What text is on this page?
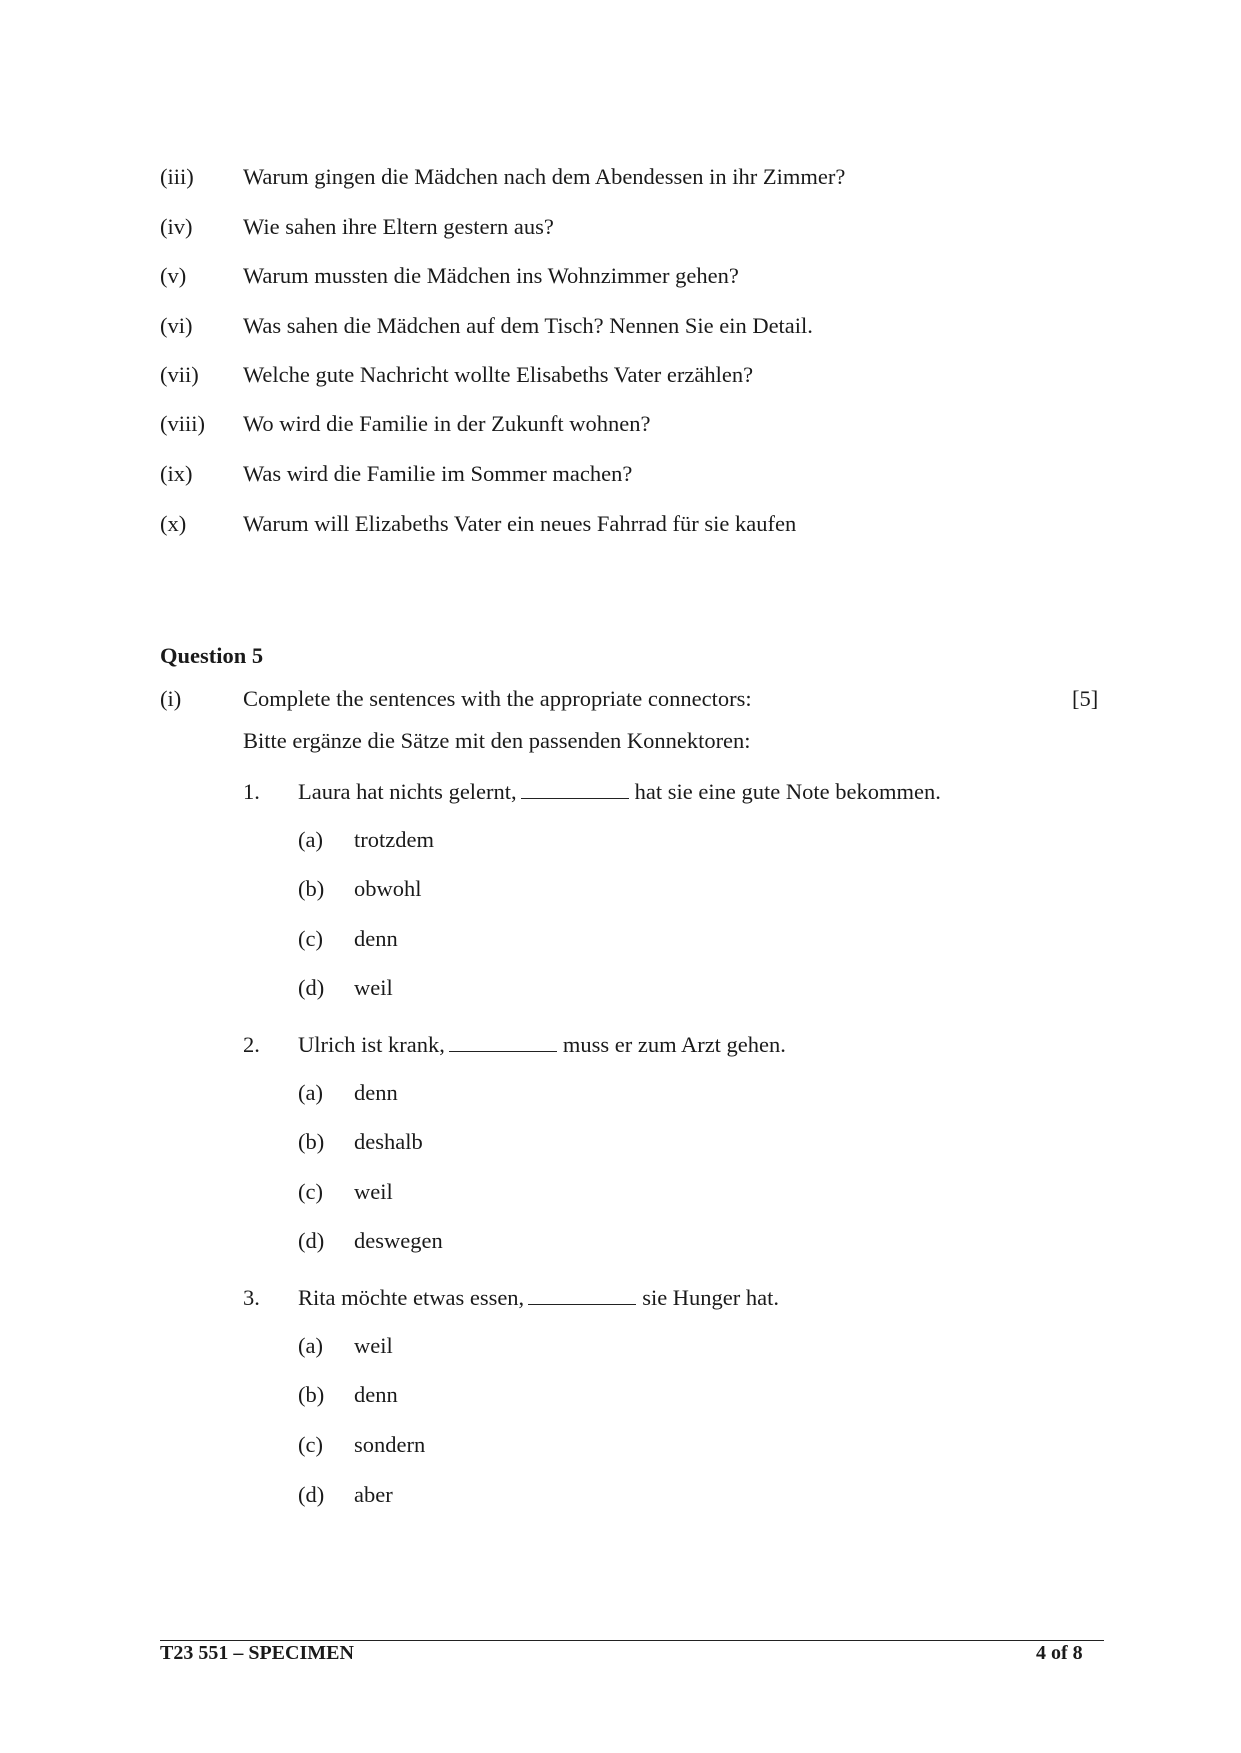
(iii) Warum gingen die Mädchen nach dem Abendessen in ihr Zimmer?
(iv) Wie sahen ihre Eltern gestern aus?
(v)	Warum mussten die Mädchen ins Wohnzimmer gehen?
(vi) Was sahen die Mädchen auf dem Tisch? Nennen Sie ein Detail.
(vii) Welche gute Nachricht wollte Elisabeths Vater erzählen?
(viii) Wo wird die Familie in der Zukunft wohnen?
(ix) Was wird die Familie im Sommer machen?
(x)	Warum will Elizabeths Vater ein neues Fahrrad für sie kaufen
Question 5
(i)	Complete the sentences with the appropriate connectors:	[5]
Bitte ergänze die Sätze mit den passenden Konnektoren:
1. Laura hat nichts gelernt,	hat sie eine gute Note bekommen.
(a) trotzdem
(b) obwohl
(c) denn
(d) weil
2. Ulrich ist krank,	muss er zum Arzt gehen.
(a) denn
(b) deshalb
(c) weil
(d) deswegen
3. Rita möchte etwas essen,	sie Hunger hat.
(a) weil
(b) denn
(c) sondern
(d) aber
T23 551 – SPECIMEN	4 of 8
